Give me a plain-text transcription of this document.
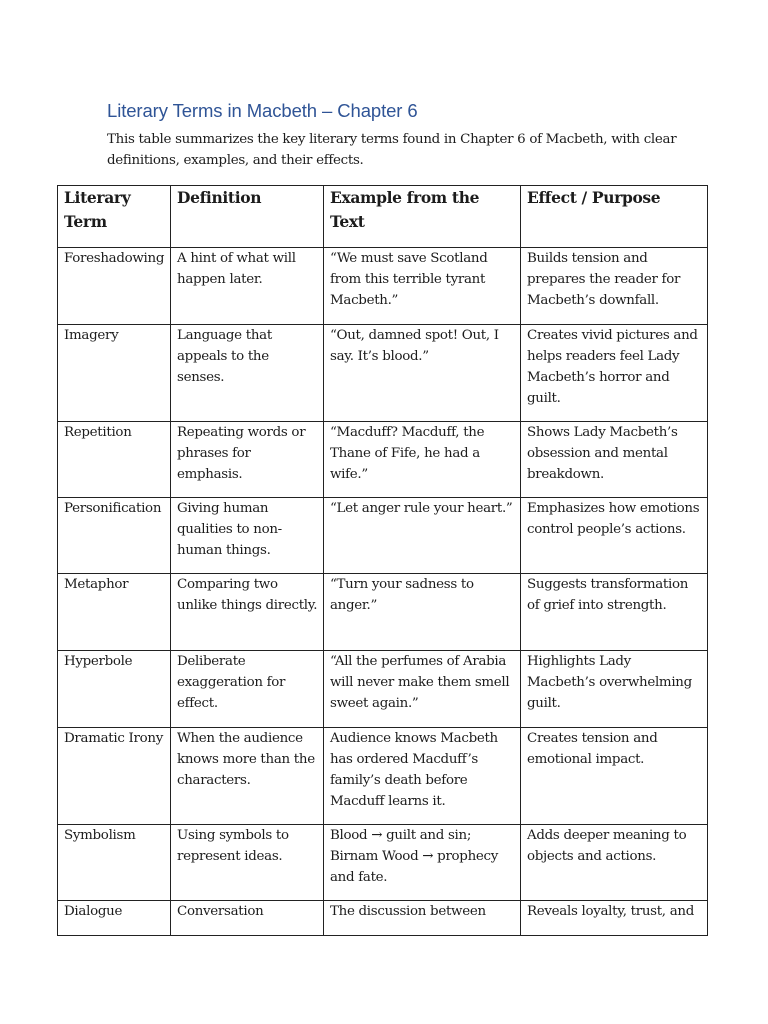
Literary Terms in Macbeth – Chapter 6
This table summarizes the key literary terms found in Chapter 6 of Macbeth, with clear definitions, examples, and their effects.
Literary Term	Definition	Example from the Text	Effect / Purpose
Foreshadowing	A hint of what will happen later.	“We must save Scotland from this terrible tyrant Macbeth.”	Builds tension and prepares the reader for Macbeth’s downfall.
Imagery	Language that appeals to the senses.	“Out, damned spot! Out, I say. It’s blood.”	Creates vivid pictures and helps readers feel Lady Macbeth’s horror and guilt.
Repetition	Repeating words or phrases for emphasis.	“Macduff? Macduff, the Thane of Fife, he had a wife.”	Shows Lady Macbeth’s obsession and mental breakdown.
Personification	Giving human qualities to non-human things.	“Let anger rule your heart.”	Emphasizes how emotions control people’s actions.
Metaphor	Comparing two unlike things directly.	“Turn your sadness to anger.”	Suggests transformation of grief into strength.
Hyperbole	Deliberate exaggeration for effect.	“All the perfumes of Arabia will never make them smell sweet again.”	Highlights Lady Macbeth’s overwhelming guilt.
Dramatic Irony	When the audience knows more than the characters.	Audience knows Macbeth has ordered Macduff’s family’s death before Macduff learns it.	Creates tension and emotional impact.
Symbolism	Using symbols to represent ideas.	Blood → guilt and sin; Birnam Wood → prophecy and fate.	Adds deeper meaning to objects and actions.
Dialogue	Conversation	The discussion between	Reveals loyalty, trust, and
